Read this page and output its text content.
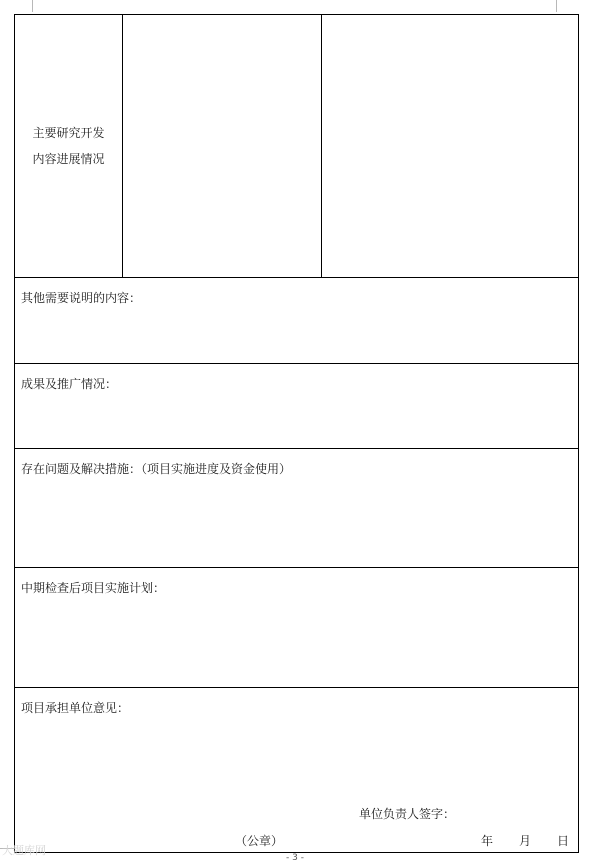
主要研究开发
内容进展情况

其他需要说明的内容：

成果及推广情况：

存在问题及解决措施：（项目实施进度及资金使用）

中期检查后项目实施计划：

项目承担单位意见：
单位负责人签字：
（公章）	年 月 日
大题库网
- 3 -
